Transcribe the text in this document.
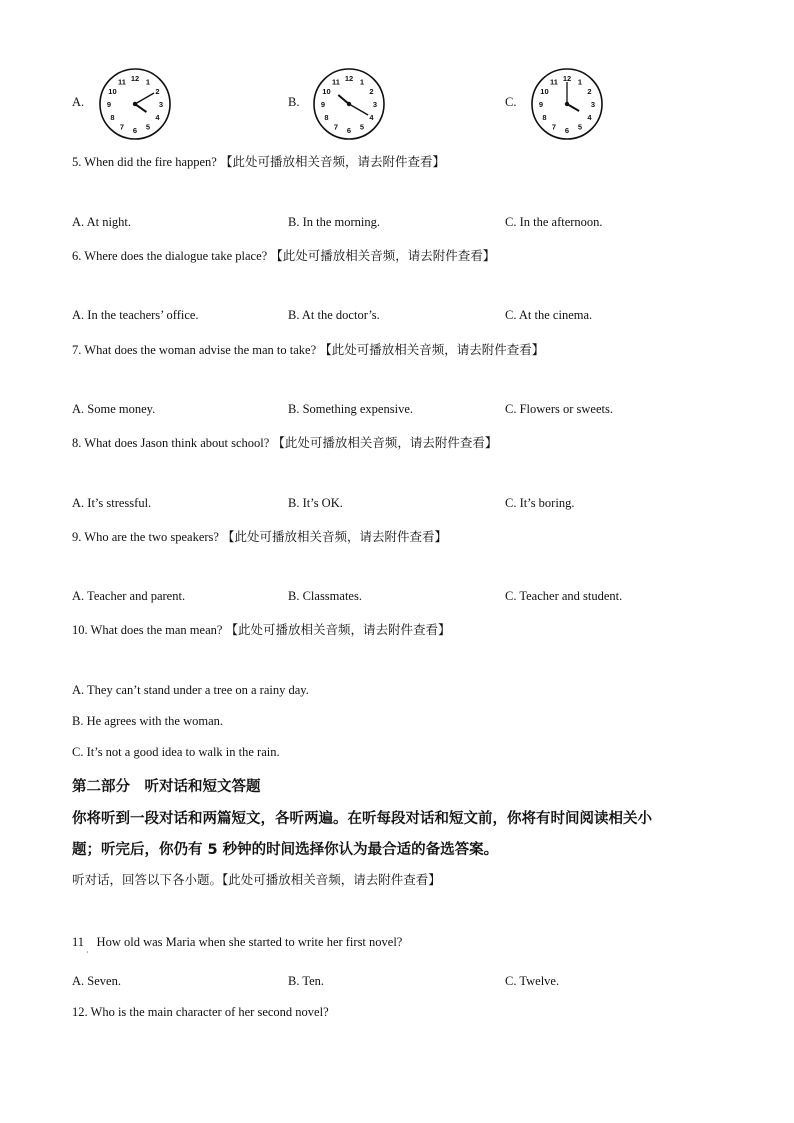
A.
12 1
2
3
4
5
6
7
8
9
10
11
B.
12 1
2
3
4
5
6
7
8
9
10
11
C.
12 1
2
3
4
5
6
7
8
9
10
11
5. When did the fire happen? 【此处可播放相关音频，请去附件查看】
A. At night.	B. In the morning.	C. In the afternoon.
6. Where does the dialogue take place? 【此处可播放相关音频，请去附件查看】
A. In the teachers’ office.	B. At the doctor’s.	C. At the cinema.
7. What does the woman advise the man to take? 【此处可播放相关音频，请去附件查看】
A. Some money.	B. Something expensive.	C. Flowers or sweets.
8. What does Jason think about school? 【此处可播放相关音频，请去附件查看】
A. It’s stressful.	B. It’s OK.	C. It’s boring.
9. Who are the two speakers? 【此处可播放相关音频，请去附件查看】
A. Teacher and parent.	B. Classmates.	C. Teacher and student.
10. What does the man mean? 【此处可播放相关音频，请去附件查看】
A. They can’t stand under a tree on a rainy day.
B. He agrees with the woman.
C. It’s not a good idea to walk in the rain.
第二部分　听对话和短文答题
你将听到一段对话和两篇短文，各听两遍。在听每段对话和短文前，你将有时间阅读相关小
题；听完后，你仍有 5 秒钟的时间选择你认为最合适的备选答案。
听对话，回答以下各小题。【此处可播放相关音频，请去附件查看】
11　How old was Maria when she started to write her first novel?
·
A. Seven.	B. Ten.	C. Twelve.
12. Who is the main character of her second novel?
